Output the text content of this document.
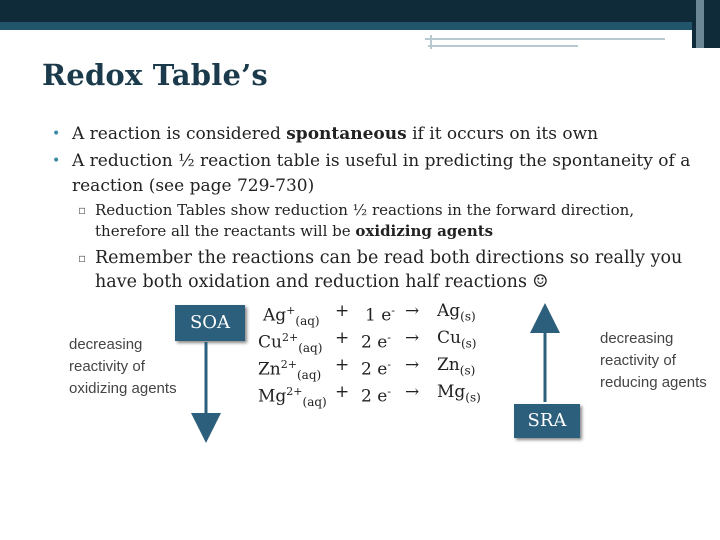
Redox Table’s
• A reaction is considered spontaneous if it occurs on its own
• A reduction ½ reaction table is useful in predicting the spontaneity of a reaction (see page 729-730)
▫ Reduction Tables show reduction ½ reactions in the forward direction, therefore all the reactants will be oxidizing agents
▫ Remember the reactions can be read both directions so really you have both oxidation and reduction half reactions ☺
SOA
SRA
decreasing reactivity of oxidizing agents
decreasing reactivity of reducing agents
$Ag^+_{(aq)}$
+ 1 $e^- \to Ag_{(s)}$
$Cu^{2+}_{(aq)}$
+ 2 $e^- \to Cu_{(s)}$
$Zn^{2+}_{(aq)}$
+ 2 $e^- \to Zn_{(s)}$
$Mg^{2+}_{(aq)}$
+ 2 $e^- \to Mg_{(s)}$
